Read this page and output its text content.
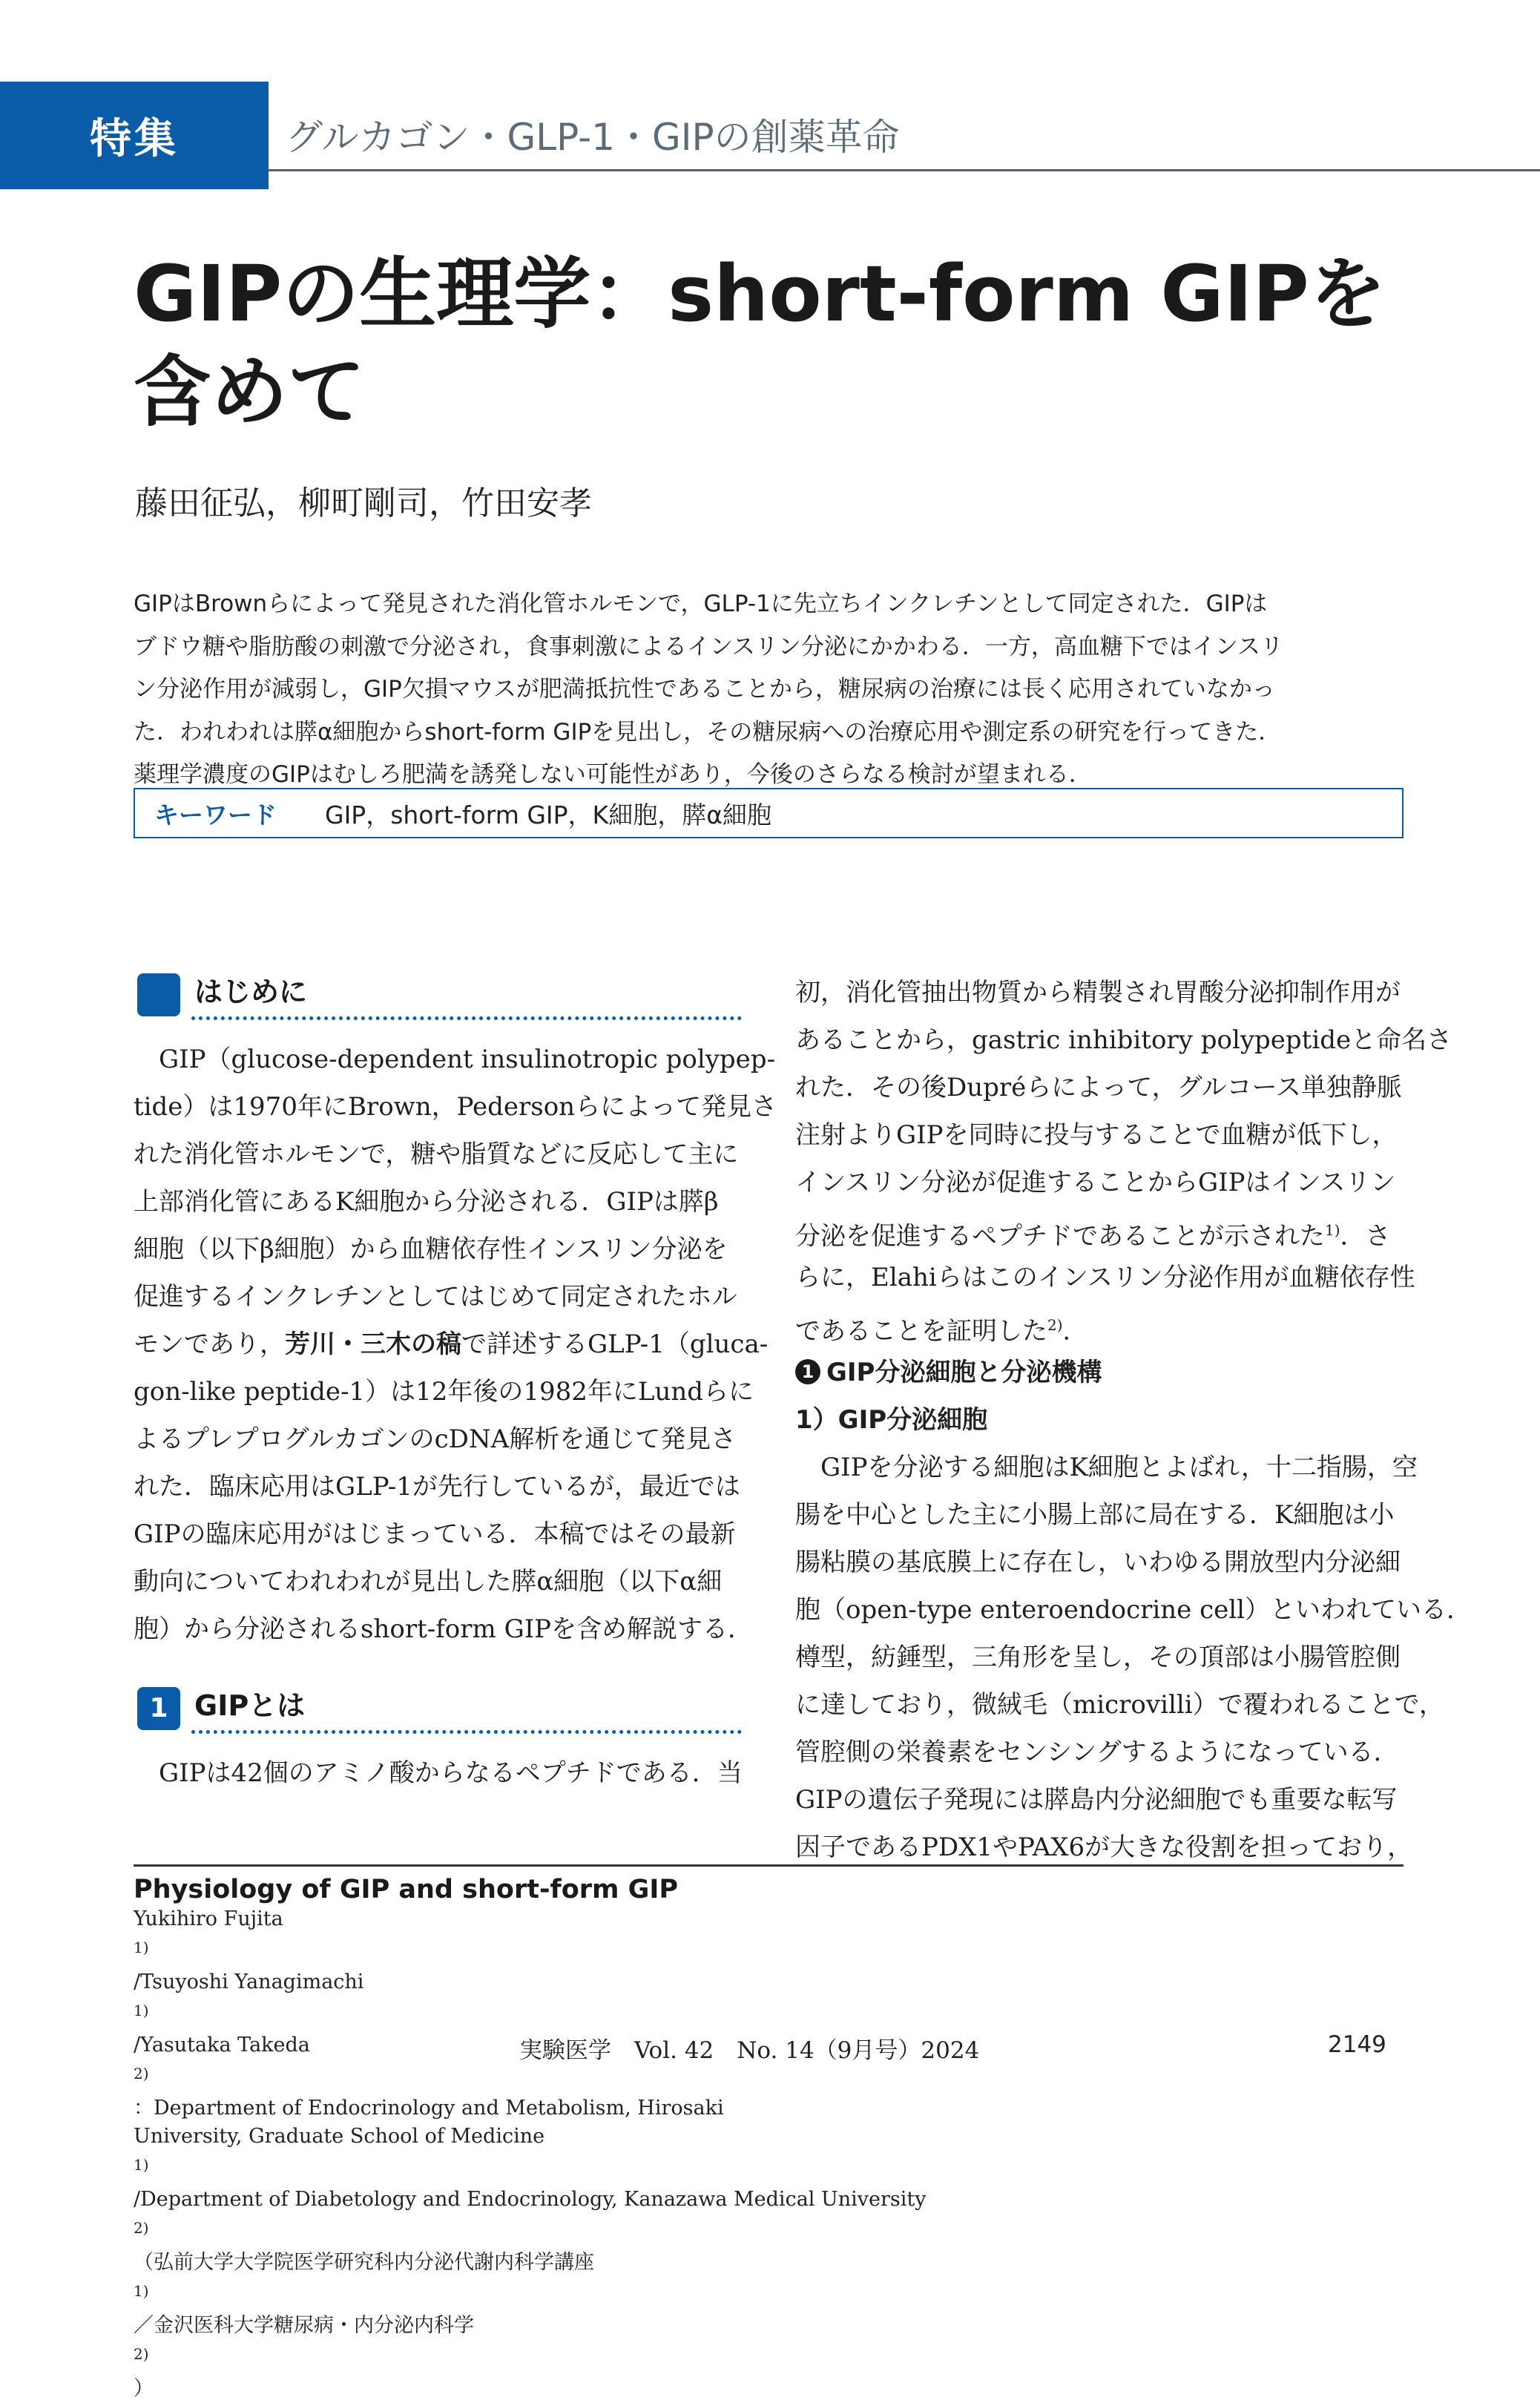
特集	グルカゴン・GLP-1・GIPの創薬革命
GIPの生理学：short-form GIPを
含めて
藤田征弘，柳町剛司，竹田安孝
GIPはBrownらによって発見された消化管ホルモンで，GLP-1に先立ちインクレチンとして同定された．GIPは
ブドウ糖や脂肪酸の刺激で分泌され，食事刺激によるインスリン分泌にかかわる．一方，高血糖下ではインスリ
ン分泌作用が減弱し，GIP欠損マウスが肥満抵抗性であることから，糖尿病の治療には長く応用されていなかっ
た．われわれは膵α細胞からshort-form GIPを見出し，その糖尿病への治療応用や測定系の研究を行ってきた．
薬理学濃度のGIPはむしろ肥満を誘発しない可能性があり，今後のさらなる検討が望まれる．
キーワード	GIP，short-form GIP，K細胞，膵α細胞
はじめに
GIP（glucose-dependent insulinotropic polypep-
tide）は1970年にBrown，Pedersonらによって発見さ
れた消化管ホルモンで，糖や脂質などに反応して主に
上部消化管にあるK細胞から分泌される．GIPは膵β
細胞（以下β細胞）から血糖依存性インスリン分泌を
促進するインクレチンとしてはじめて同定されたホル
モンであり，芳川・三木の稿で詳述するGLP-1（gluca-
gon-like peptide-1）は12年後の1982年にLundらに
よるプレプログルカゴンのcDNA解析を通じて発見さ
れた．臨床応用はGLP-1が先行しているが，最近では
GIPの臨床応用がはじまっている．本稿ではその最新
動向についてわれわれが見出した膵α細胞（以下α細
胞）から分泌されるshort-form GIPを含め解説する．
1 GIPとは
GIPは42個のアミノ酸からなるペプチドである．当
初，消化管抽出物質から精製され胃酸分泌抑制作用が
あることから，gastric inhibitory polypeptideと命名さ
れた．その後Dupréらによって，グルコース単独静脈
注射よりGIPを同時に投与することで血糖が低下し，
インスリン分泌が促進することからGIPはインスリン
分泌を促進するペプチドであることが示された$^{1)}$．さ
らに，Elahiらはこのインスリン分泌作用が血糖依存性
であることを証明した$^{2)}$．
1 GIP分泌細胞と分泌機構
1）GIP分泌細胞
GIPを分泌する細胞はK細胞とよばれ，十二指腸，空
腸を中心とした主に小腸上部に局在する．K細胞は小
腸粘膜の基底膜上に存在し，いわゆる開放型内分泌細
胞（open-type enteroendocrine cell）といわれている．
樽型，紡錘型，三角形を呈し，その頂部は小腸管腔側
に達しており，微絨毛（microvilli）で覆われることで，
管腔側の栄養素をセンシングするようになっている．
GIPの遺伝子発現には膵島内分泌細胞でも重要な転写
因子であるPDX1やPAX6が大きな役割を担っており，
Physiology of GIP and short-form GIP
Yukihiro Fujita
$^{1)}$
/Tsuyoshi Yanagimachi
$^{1)}$
/Yasutaka Takeda
$^{2)}$
：Department of Endocrinology and Metabolism, Hirosaki
University, Graduate School of Medicine
$^{1)}$
/Department of Diabetology and Endocrinology, Kanazawa Medical University
$^{2)}$
（弘前大学大学院医学研究科内分泌代謝内科学講座
$^{1)}$
／金沢医科大学糖尿病・内分泌内科学
$^{2)}$
）
実験医学　Vol. 42　No. 14（9月号）2024	2149
